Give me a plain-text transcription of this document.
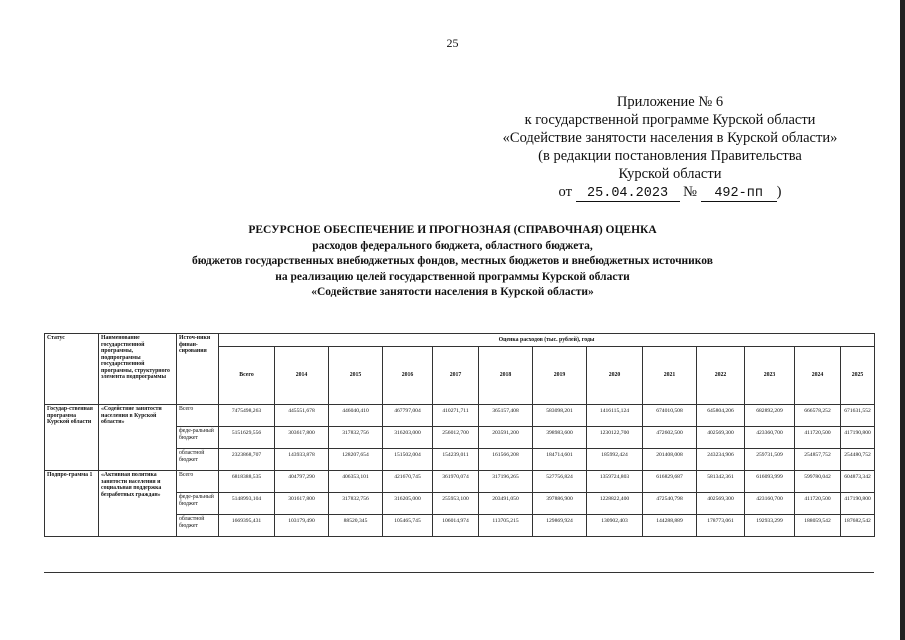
25
Приложение № 6
к государственной программе Курской области
«Содействие занятости населения в Курской области»
(в редакции постановления Правительства
Курской области
от 25.04.2023 № 492-пп )
РЕСУРСНОЕ ОБЕСПЕЧЕНИЕ И ПРОГНОЗНАЯ (СПРАВОЧНАЯ) ОЦЕНКА
расходов федерального бюджета, областного бюджета,
бюджетов государственных внебюджетных фондов, местных бюджетов и внебюджетных источников
на реализацию целей государственной программы Курской области
«Содействие занятости населения в Курской области»
Статус	Наименование государственной программы, подпрограммы государственной программы, структурного элемента подпрограммы	Источ-ники финан-сирования	Оценка расходов (тыс. рублей), годы												
			Всего	2014	2015	2016	2017	2018	2019	2020	2021	2022	2023	2024	2025
Государ-ственная программа Курской области	«Содействие занятости населения в Курской области»	Всего	7475498,263	445551,678	446040,410	467797,004	410271,711	365157,408	583098,201	1416115,124	674010,508	645804,206	682892,209	666578,252	671631,552
		феде-ральный бюджет	5151629,556	303617,800	317832,756	316203,000	256012,700	203591,200	398983,600	1230122,700	472602,500	402569,300	423360,700	411720,500	417190,800
		областной бюджет	2323868,707	143933,878	128207,654	151502,004	154239,011	161566,208	184714,601	185992,424	201408,008	243234,906	259731,509	254857,752	254480,752
Подпро-грамма 1	«Активная политика занятости населения и социальная поддержка безработных граждан»	Всего	6818388,535	404797,290	406353,101	421670,745	361970,074	317196,265	527756,824	1359724,803	616829,687	581342,361	616093,999	599780,042	604873,342
		феде-ральный бюджет	5148993,104	301617,800	317832,756	316205,000	255953,100	203491,050	397886,900	1228822,400	472540,798	402569,300	423160,700	411720,500	417190,800
		областной бюджет	1669395,431	103179,490	88520,345	105465,745	106014,974	113705,215	129869,924	130902,403	144288,889	178773,061	192933,299	188059,542	187682,542
